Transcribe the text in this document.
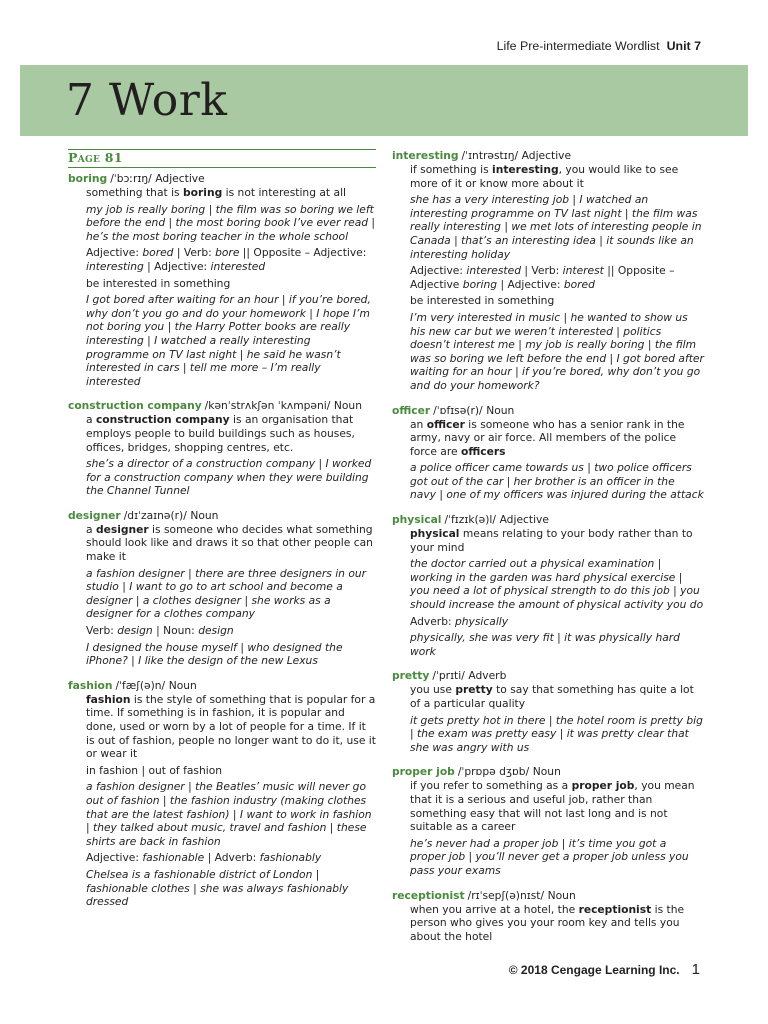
Life Pre-intermediate Wordlist Unit 7
7 Work
Page 81
boring /ˈbɔːrɪŋ/ Adjective

something that is boring is not interesting at all

my job is really boring | the film was so boring we left before the end | the most boring book I’ve ever read | he’s the most boring teacher in the whole school

Adjective: bored | Verb: bore || Opposite – Adjective: interesting | Adjective: interested

be interested in something

I got bored after waiting for an hour | if you’re bored, why don’t you go and do your homework | I hope I’m not boring you | the Harry Potter books are really interesting | I watched a really interesting programme on TV last night | he said he wasn’t interested in cars | tell me more – I’m really interested

construction company /kənˈstrʌkʃən ˈkʌmpəni/ Noun

a construction company is an organisation that employs people to build buildings such as houses, offices, bridges, shopping centres, etc.

she’s a director of a construction company | I worked for a construction company when they were building the Channel Tunnel

designer /dɪˈzaɪnə(r)/ Noun

a designer is someone who decides what something should look like and draws it so that other people can make it

a fashion designer | there are three designers in our studio | I want to go to art school and become a designer | a clothes designer | she works as a designer for a clothes company

Verb: design | Noun: design

I designed the house myself | who designed the iPhone? | I like the design of the new Lexus

fashion /ˈfæʃ(ə)n/ Noun

fashion is the style of something that is popular for a time. If something is in fashion, it is popular and done, used or worn by a lot of people for a time. If it is out of fashion, people no longer want to do it, use it or wear it

in fashion | out of fashion

a fashion designer | the Beatles’ music will never go out of fashion | the fashion industry (making clothes that are the latest fashion) | I want to work in fashion | they talked about music, travel and fashion | these shirts are back in fashion

Adjective: fashionable | Adverb: fashionably

Chelsea is a fashionable district of London | fashionable clothes | she was always fashionably dressed

interesting /ˈɪntrəstɪŋ/ Adjective

if something is interesting, you would like to see more of it or know more about it

she has a very interesting job | I watched an interesting programme on TV last night | the film was really interesting | we met lots of interesting people in Canada | that’s an interesting idea | it sounds like an interesting holiday

Adjective: interested | Verb: interest || Opposite – Adjective boring | Adjective: bored

be interested in something

I’m very interested in music | he wanted to show us his new car but we weren’t interested | politics doesn’t interest me | my job is really boring | the film was so boring we left before the end | I got bored after waiting for an hour | if you’re bored, why don’t you go and do your homework?

officer /ˈɒfɪsə(r)/ Noun

an officer is someone who has a senior rank in the army, navy or air force. All members of the police force are officers

a police officer came towards us | two police officers got out of the car | her brother is an officer in the navy | one of my officers was injured during the attack

physical /ˈfɪzɪk(ə)l/ Adjective

physical means relating to your body rather than to your mind

the doctor carried out a physical examination | working in the garden was hard physical exercise | you need a lot of physical strength to do this job | you should increase the amount of physical activity you do

Adverb: physically

physically, she was very fit | it was physically hard work

pretty /ˈprɪti/ Adverb

you use pretty to say that something has quite a lot of a particular quality

it gets pretty hot in there | the hotel room is pretty big | the exam was pretty easy | it was pretty clear that she was angry with us

proper job /ˈprɒpə dʒɒb/ Noun

if you refer to something as a proper job, you mean that it is a serious and useful job, rather than something easy that will not last long and is not suitable as a career

he’s never had a proper job | it’s time you got a proper job | you’ll never get a proper job unless you pass your exams

receptionist /rɪˈsepʃ(ə)nɪst/ Noun

when you arrive at a hotel, the receptionist is the person who gives you your room key and tells you about the hotel

© 2018 Cengage Learning Inc. 1
